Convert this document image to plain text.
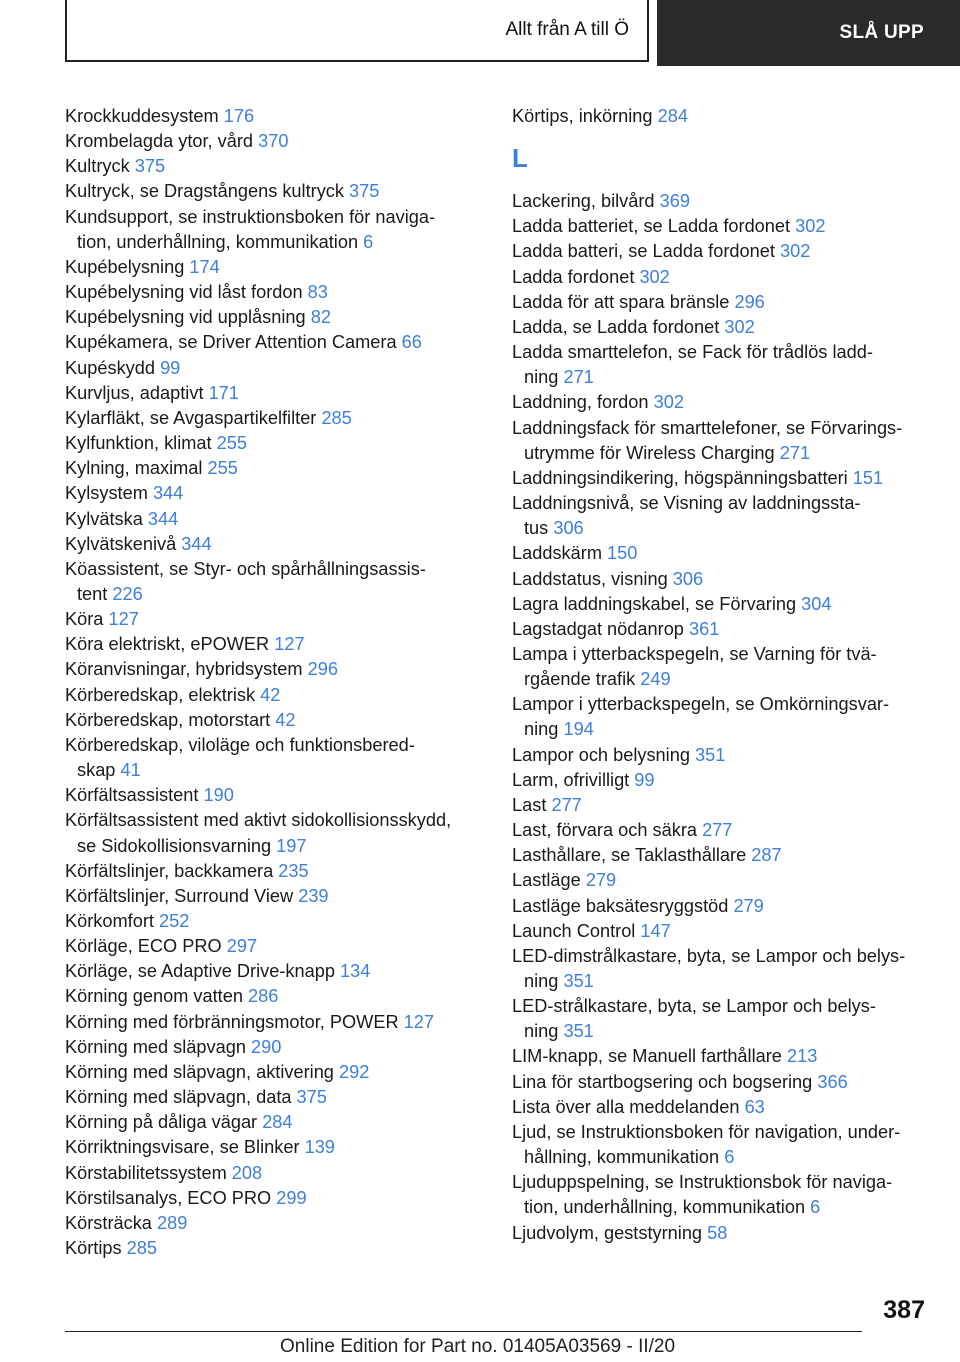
Allt från A till Ö	SLÅ UPP
Krockkuddesystem 176
Krombelagda ytor, vård 370
Kultryck 375
Kultryck, se Dragstångens kultryck 375
Kundsupport, se instruktionsboken för naviga-
tion, underhållning, kommunikation 6
Kupébelysning 174
Kupébelysning vid låst fordon 83
Kupébelysning vid upplåsning 82
Kupékamera, se Driver Attention Camera 66
Kupéskydd 99
Kurvljus, adaptivt 171
Kylarfläkt, se Avgaspartikelfilter 285
Kylfunktion, klimat 255
Kylning, maximal 255
Kylsystem 344
Kylvätska 344
Kylvätskenivå 344
Köassistent, se Styr- och spårhållningsassis-
tent 226
Köra 127
Köra elektriskt, ePOWER 127
Köranvisningar, hybridsystem 296
Körberedskap, elektrisk 42
Körberedskap, motorstart 42
Körberedskap, viloläge och funktionsbered-
skap 41
Körfältsassistent 190
Körfältsassistent med aktivt sidokollisionsskydd,
se Sidokollisionsvarning 197
Körfältslinjer, backkamera 235
Körfältslinjer, Surround View 239
Körkomfort 252
Körläge, ECO PRO 297
Körläge, se Adaptive Drive-knapp 134
Körning genom vatten 286
Körning med förbränningsmotor, POWER 127
Körning med släpvagn 290
Körning med släpvagn, aktivering 292
Körning med släpvagn, data 375
Körning på dåliga vägar 284
Körriktningsvisare, se Blinker 139
Körstabilitetssystem 208
Körstilsanalys, ECO PRO 299
Körsträcka 289
Körtips 285
Körtips, inkörning 284
L
Lackering, bilvård 369
Ladda batteriet, se Ladda fordonet 302
Ladda batteri, se Ladda fordonet 302
Ladda fordonet 302
Ladda för att spara bränsle 296
Ladda, se Ladda fordonet 302
Ladda smarttelefon, se Fack för trådlös ladd-
ning 271
Laddning, fordon 302
Laddningsfack för smarttelefoner, se Förvarings-
utrymme för Wireless Charging 271
Laddningsindikering, högspänningsbatteri 151
Laddningsnivå, se Visning av laddningssta-
tus 306
Laddskärm 150
Laddstatus, visning 306
Lagra laddningskabel, se Förvaring 304
Lagstadgat nödanrop 361
Lampa i ytterbackspegeln, se Varning för tvä-
rgående trafik 249
Lampor i ytterbackspegeln, se Omkörningsvar-
ning 194
Lampor och belysning 351
Larm, ofrivilligt 99
Last 277
Last, förvara och säkra 277
Lasthållare, se Taklasthållare 287
Lastläge 279
Lastläge baksätesryggstöd 279
Launch Control 147
LED-dimstrålkastare, byta, se Lampor och belys-
ning 351
LED-strålkastare, byta, se Lampor och belys-
ning 351
LIM-knapp, se Manuell farthållare 213
Lina för startbogsering och bogsering 366
Lista över alla meddelanden 63
Ljud, se Instruktionsboken för navigation, under-
hållning, kommunikation 6
Ljuduppspelning, se Instruktionsbok för naviga-
tion, underhållning, kommunikation 6
Ljudvolym, geststyrning 58
387
Online Edition for Part no. 01405A03569 - II/20
